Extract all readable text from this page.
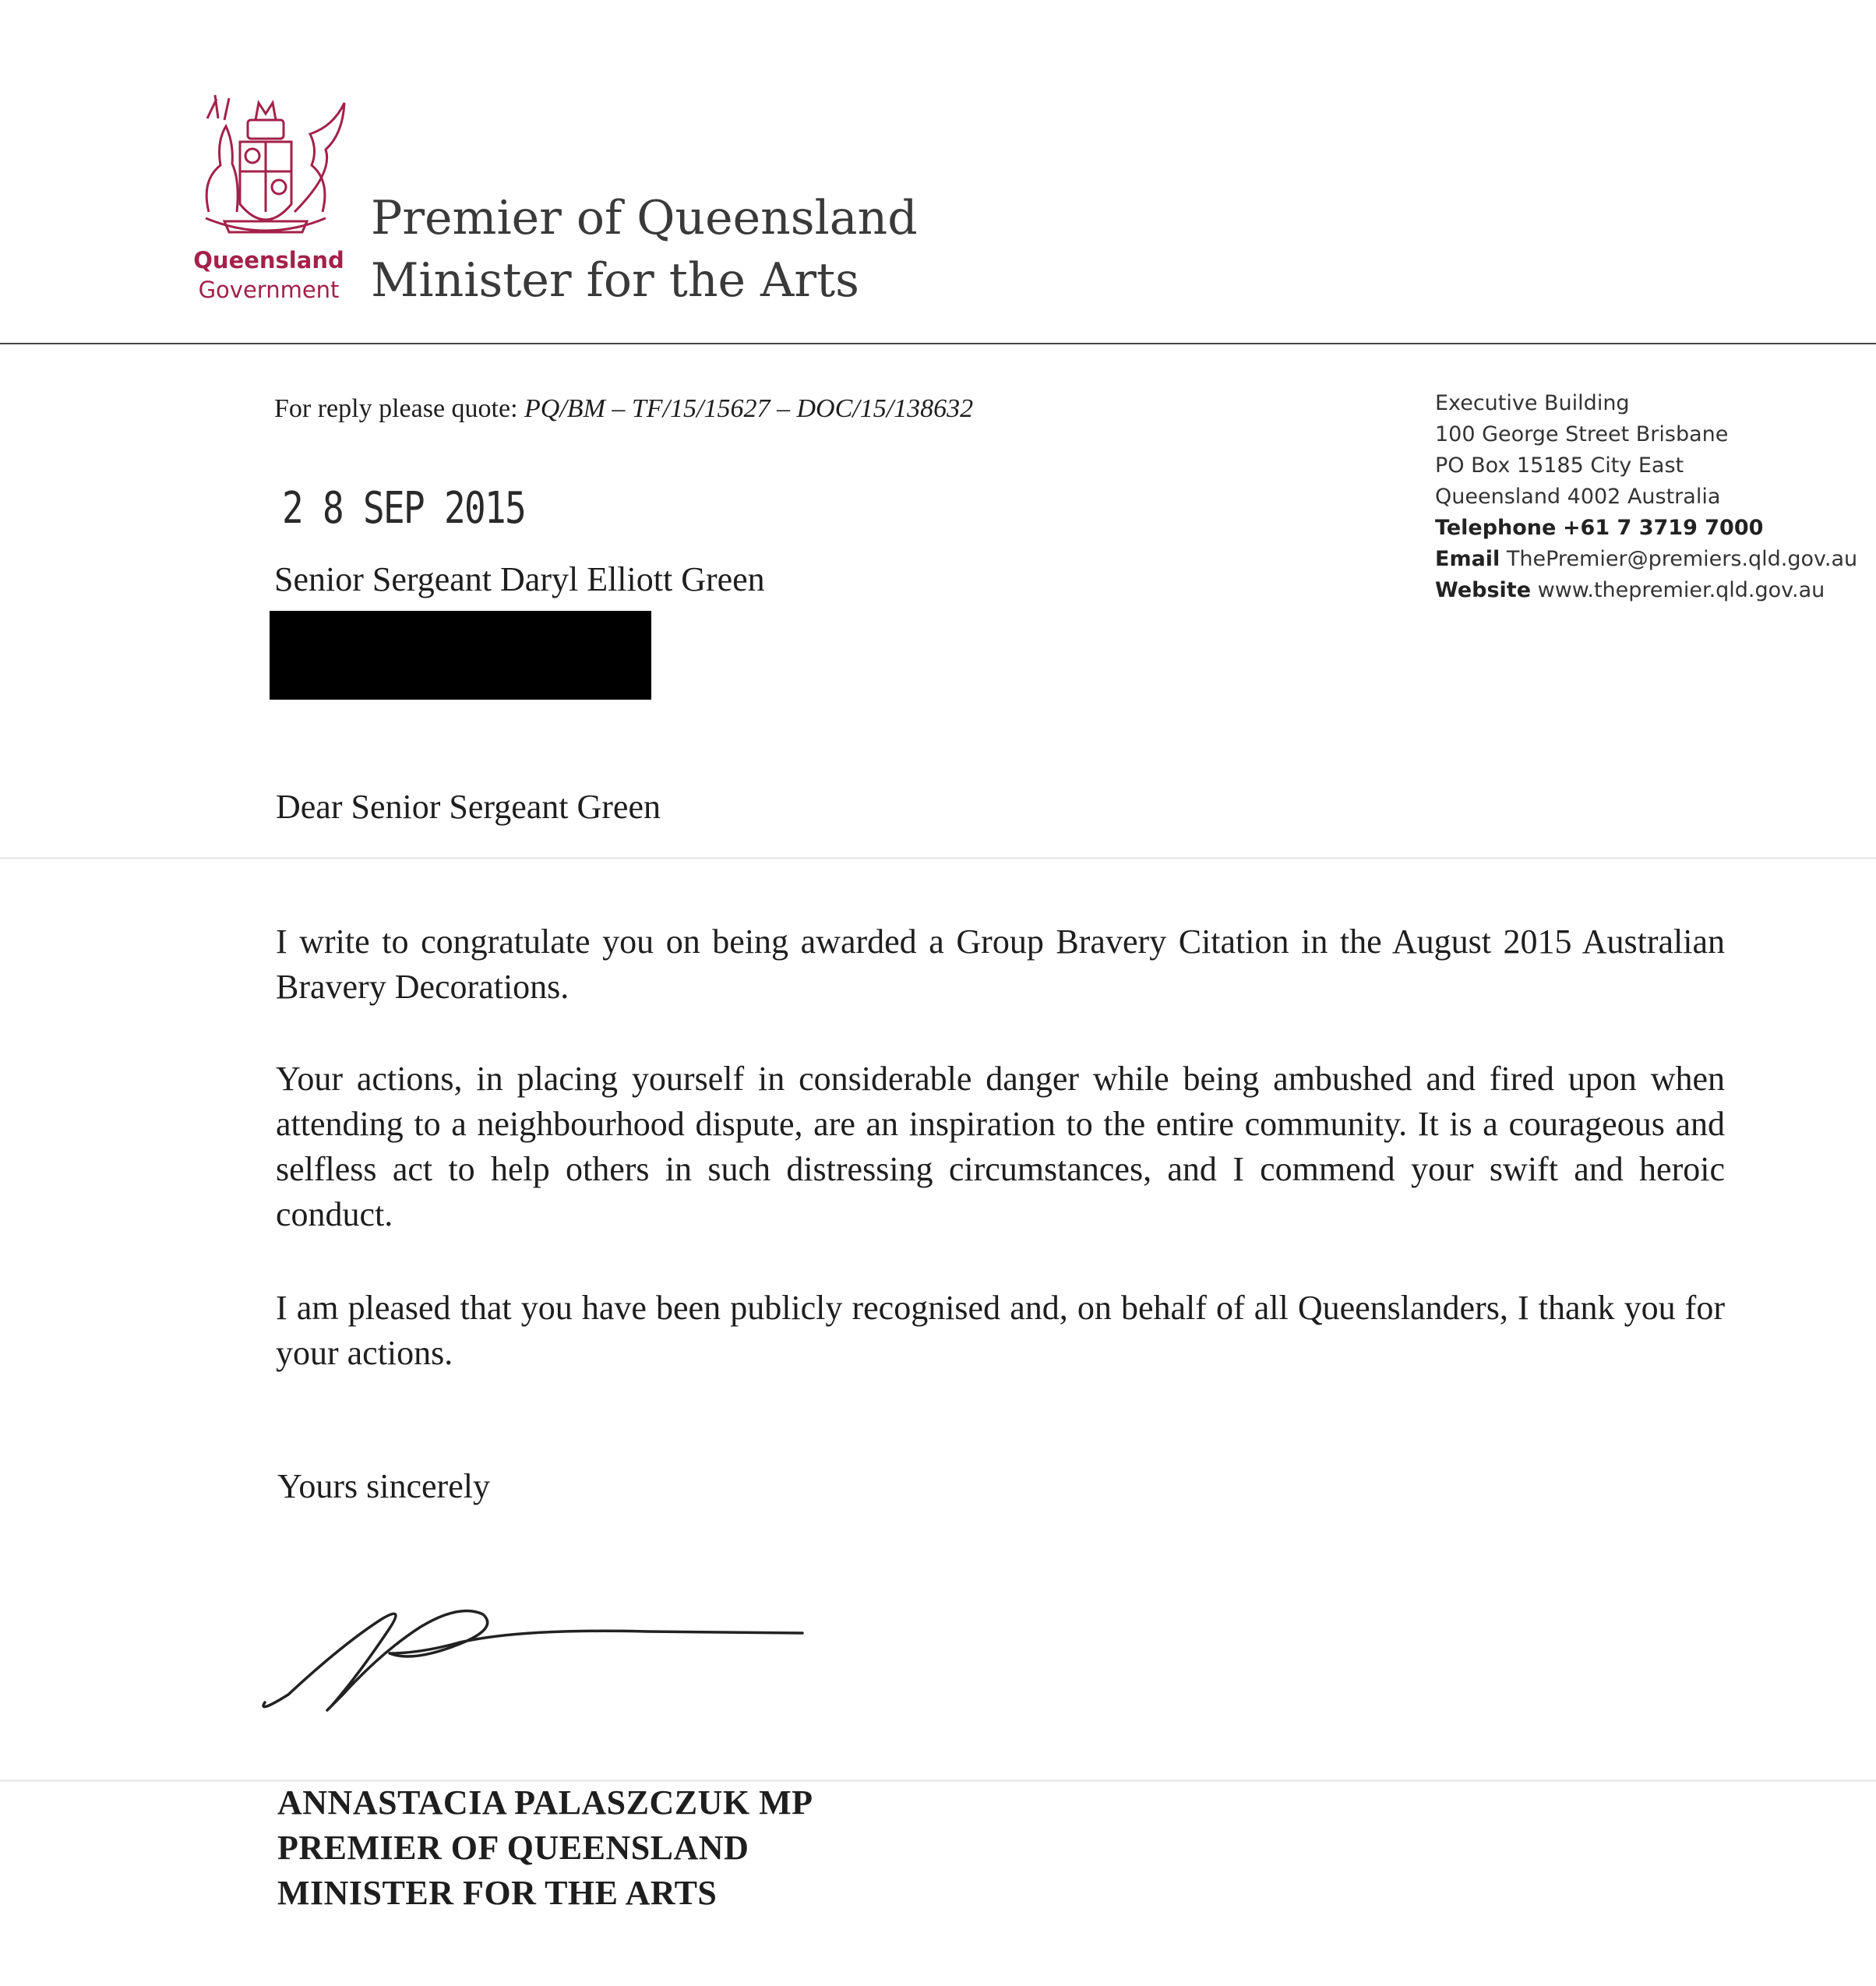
Queensland
Government
Premier of Queensland
Minister for the Arts
For reply please quote: PQ/BM – TF/15/15627 – DOC/15/138632	Executive Building
100 George Street Brisbane
PO Box 15185 City East
Queensland 4002 Australia
Telephone +61 7 3719 7000
Email ThePremier@premiers.qld.gov.au
Website www.thepremier.qld.gov.au
2 8 SEP 2015
Senior Sergeant Daryl Elliott Green
Dear Senior Sergeant Green
I write to congratulate you on being awarded a Group Bravery Citation in the August 2015 Australian Bravery Decorations.
Your actions, in placing yourself in considerable danger while being ambushed and fired upon when attending to a neighbourhood dispute, are an inspiration to the entire community. It is a courageous and selfless act to help others in such distressing circumstances, and I commend your swift and heroic conduct.
I am pleased that you have been publicly recognised and, on behalf of all Queenslanders, I thank you for your actions.
Yours sincerely
ANNASTACIA PALASZCZUK MP
PREMIER OF QUEENSLAND
MINISTER FOR THE ARTS
